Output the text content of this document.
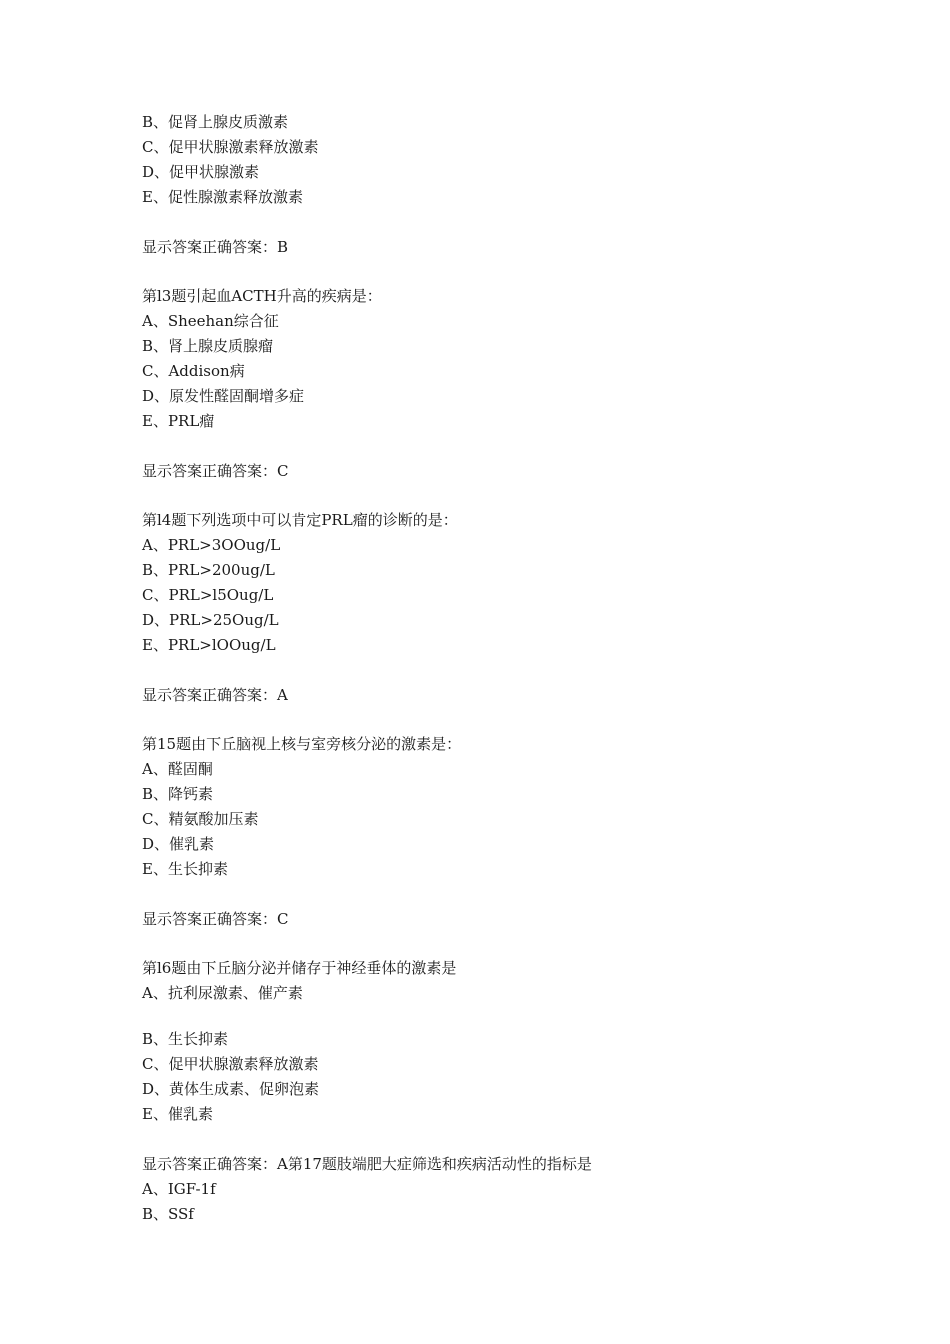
B、促肾上腺皮质激素
C、促甲状腺激素释放激素
D、促甲状腺激素
E、促性腺激素释放激素
显示答案正确答案：B
第l3题引起血ACTH升高的疾病是：
A、Sheehan综合征
B、肾上腺皮质腺瘤
C、Addison病
D、原发性醛固酮增多症
E、PRL瘤
显示答案正确答案：C
第l4题下列选项中可以肯定PRL瘤的诊断的是：
A、PRL>3OOug/L
B、PRL>200ug/L
C、PRL>l5Oug/L
D、PRL>25Oug/L
E、PRL>lOOug/L
显示答案正确答案：A
第15题由下丘脑视上核与室旁核分泌的激素是：
A、醛固酮
B、降钙素
C、精氨酸加压素
D、催乳素
E、生长抑素
显示答案正确答案：C
第l6题由下丘脑分泌并储存于神经垂体的激素是
A、抗利尿激素、催产素
B、生长抑素
C、促甲状腺激素释放激素
D、黄体生成素、促卵泡素
E、催乳素
显示答案正确答案：A第17题肢端肥大症筛选和疾病活动性的指标是
A、IGF-1f
B、SSf
